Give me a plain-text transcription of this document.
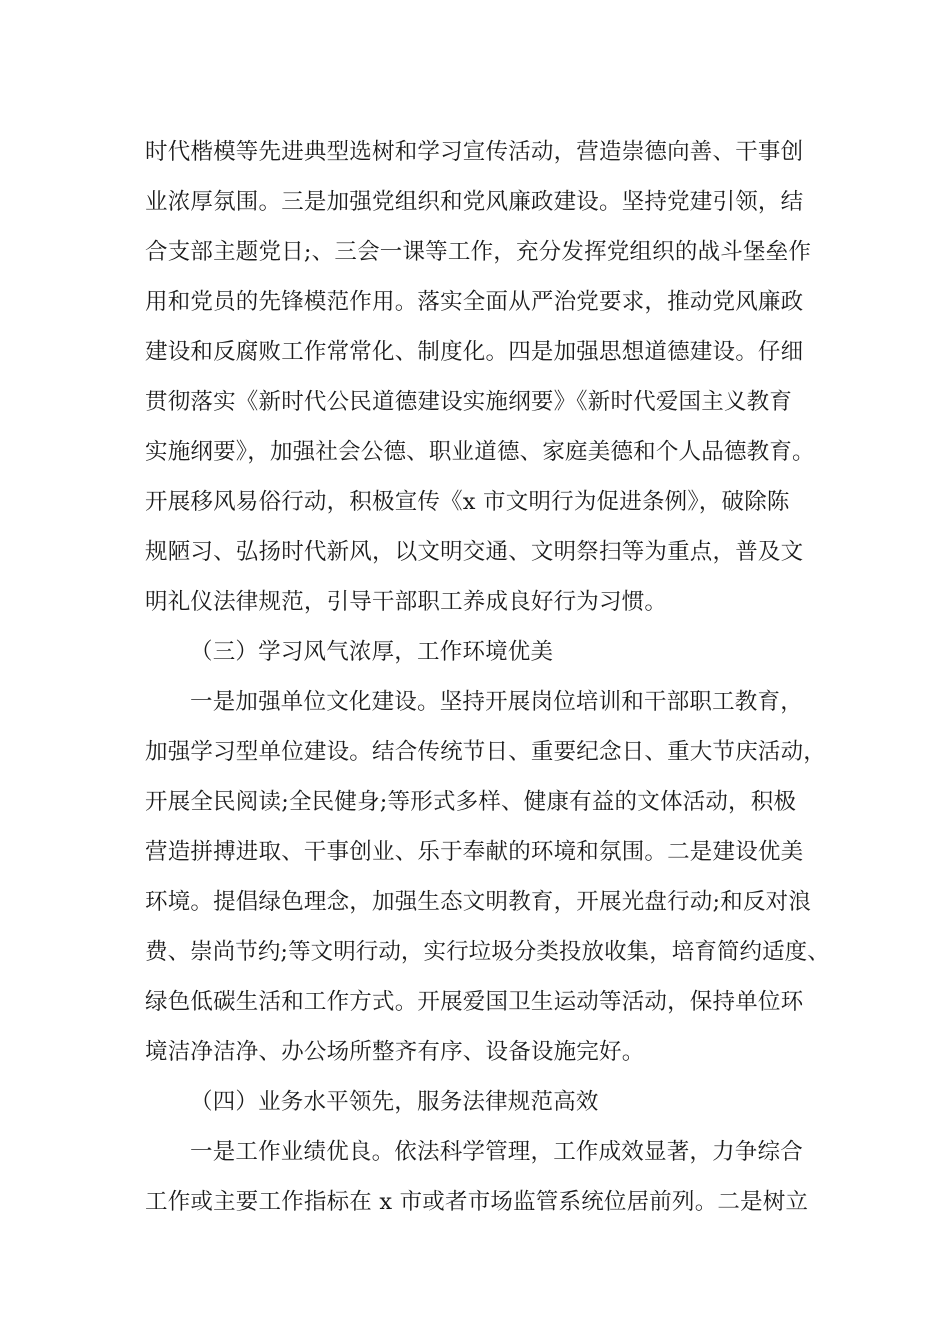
时代楷模等先进典型选树和学习宣传活动，营造崇德向善、干事创
业浓厚氛围。三是加强党组织和党风廉政建设。坚持党建引领，结
合支部主题党日;、三会一课等工作，充分发挥党组织的战斗堡垒作
用和党员的先锋模范作用。落实全面从严治党要求，推动党风廉政
建设和反腐败工作常常化、制度化。四是加强思想道德建设。仔细
贯彻落实《新时代公民道德建设实施纲要》《新时代爱国主义教育
实施纲要》，加强社会公德、职业道德、家庭美德和个人品德教育。
开展移风易俗行动，积极宣传《x 市文明行为促进条例》，破除陈
规陋习、弘扬时代新风，以文明交通、文明祭扫等为重点，普及文
明礼仪法律规范，引导干部职工养成良好行为习惯。
（三）学习风气浓厚，工作环境优美
一是加强单位文化建设。坚持开展岗位培训和干部职工教育，
加强学习型单位建设。结合传统节日、重要纪念日、重大节庆活动，
开展全民阅读;全民健身;等形式多样、健康有益的文体活动，积极
营造拼搏进取、干事创业、乐于奉献的环境和氛围。二是建设优美
环境。提倡绿色理念，加强生态文明教育，开展光盘行动;和反对浪
费、崇尚节约;等文明行动，实行垃圾分类投放收集，培育简约适度、
绿色低碳生活和工作方式。开展爱国卫生运动等活动，保持单位环
境洁净洁净、办公场所整齐有序、设备设施完好。
（四）业务水平领先，服务法律规范高效
一是工作业绩优良。依法科学管理，工作成效显著，力争综合
工作或主要工作指标在 x 市或者市场监管系统位居前列。二是树立
